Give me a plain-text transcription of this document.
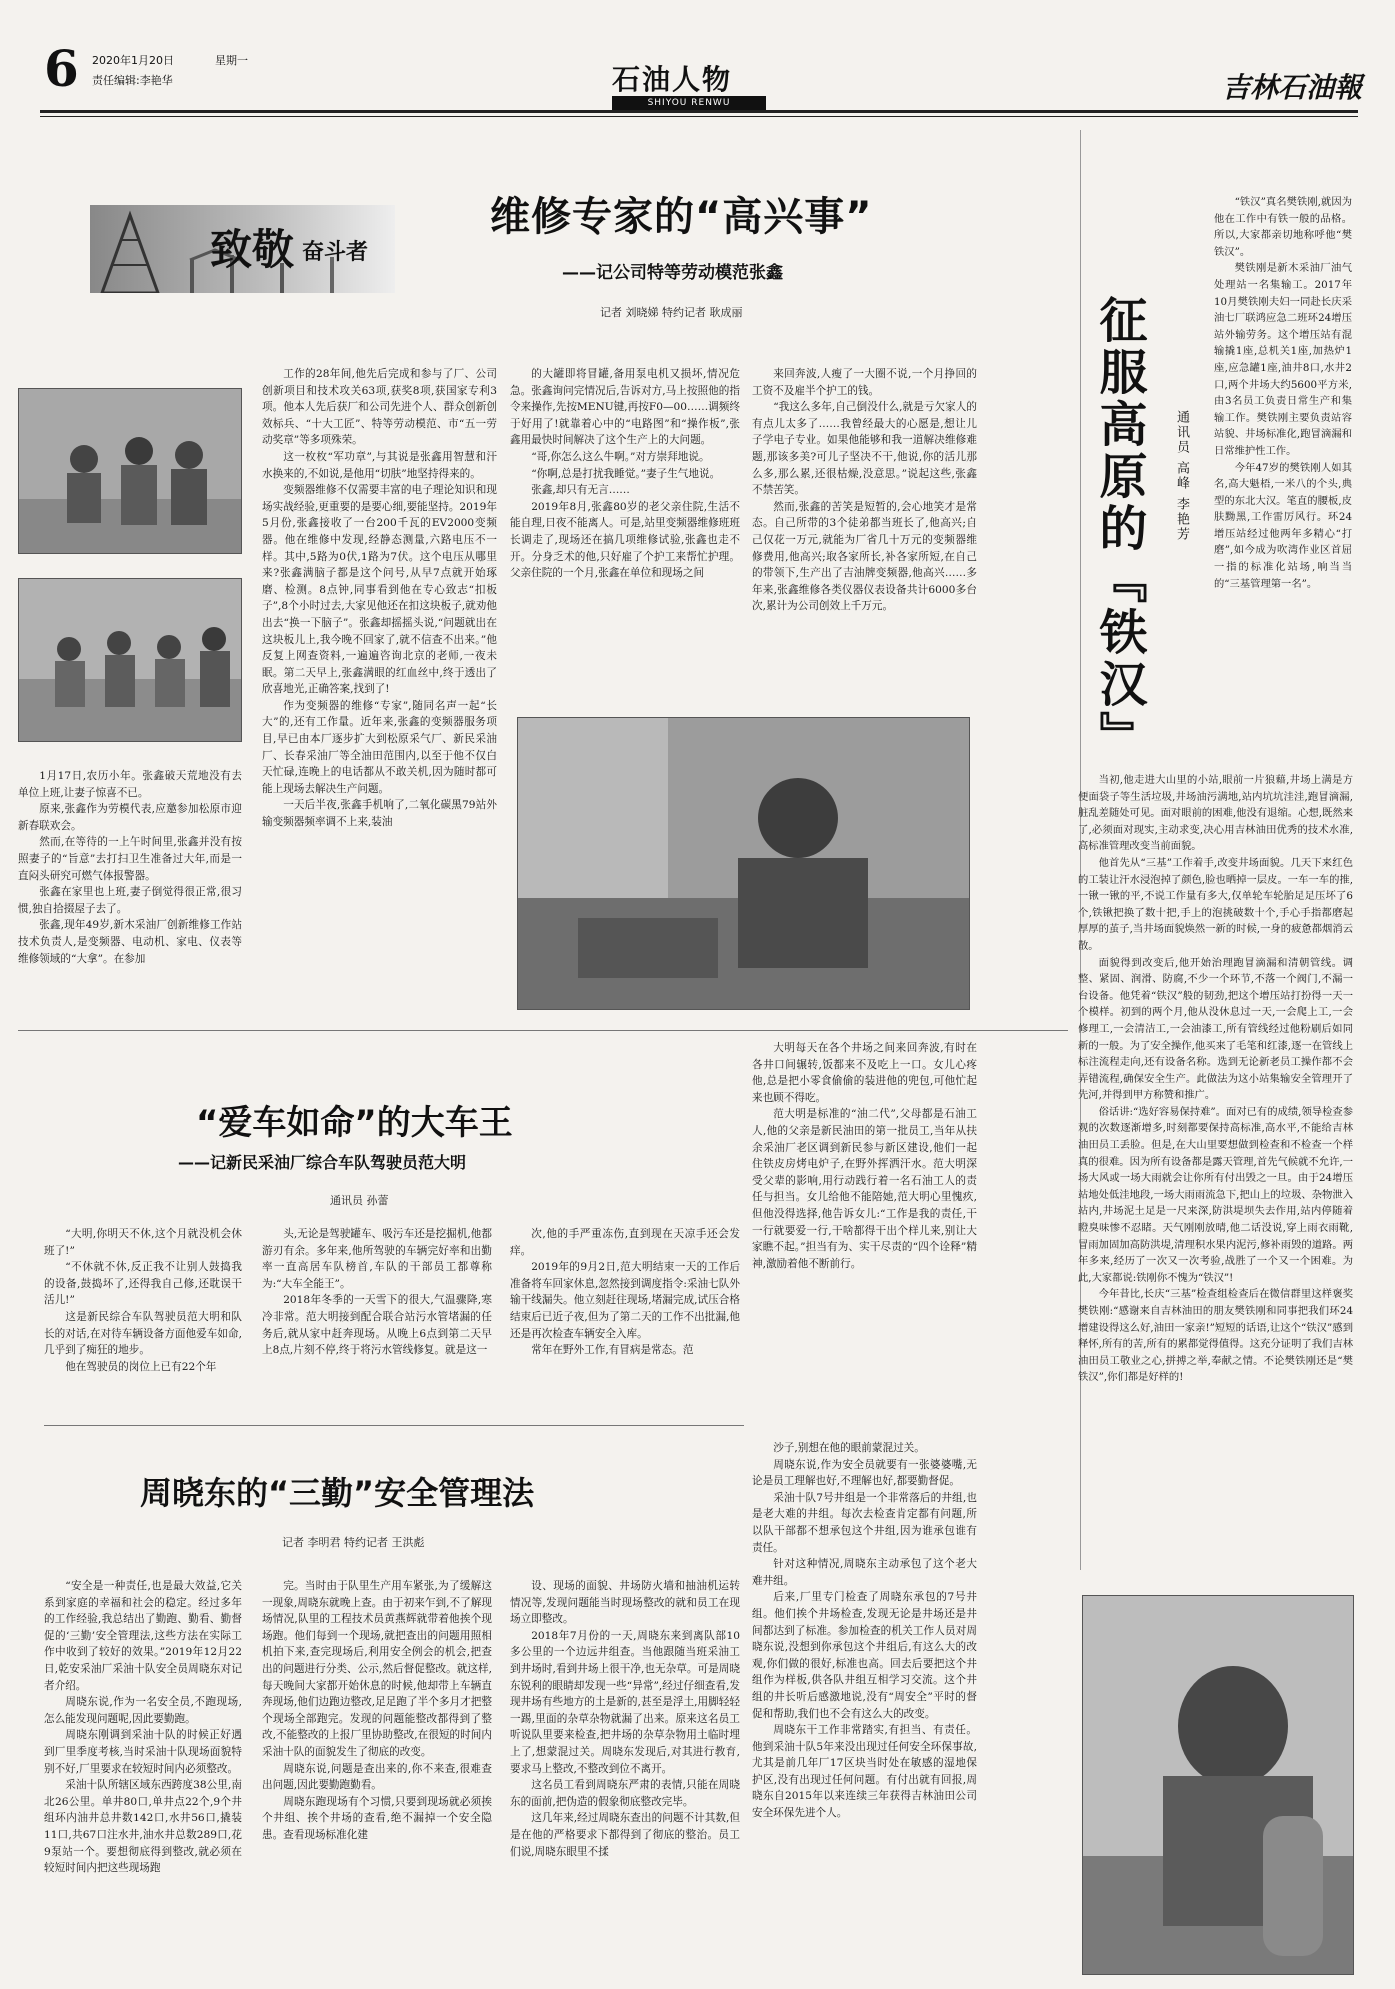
6 2020年1月20日	星期一
责任编辑:李艳华	石油人物
SHIYOU RENWU	吉林石油報
致敬 奋斗者
维修专家的“高兴事”
——记公司特等劳动模范张鑫
记者 刘晓娣 特约记者 耿成丽

1月17日,农历小年。张鑫破天荒地没有去单位上班,让妻子惊喜不已。

原来,张鑫作为劳模代表,应邀参加松原市迎新春联欢会。

然而,在等待的一上午时间里,张鑫并没有按照妻子的“旨意”去打扫卫生准备过大年,而是一直闷头研究可燃气体报警器。

张鑫在家里也上班,妻子倒觉得很正常,很习惯,独自拾掇屋子去了。

张鑫,现年49岁,新木采油厂创新维修工作站技术负责人,是变频器、电动机、家电、仪表等维修领域的“大拿”。在参加

工作的28年间,他先后完成和参与了厂、公司创新项目和技术攻关63项,获奖8项,获国家专利3项。他本人先后获厂和公司先进个人、群众创新创效标兵、“十大工匠”、特等劳动模范、市“五一劳动奖章”等多项殊荣。

这一枚枚“军功章”,与其说是张鑫用智慧和汗水换来的,不如说,是他用“切肤”地坚持得来的。

变频器维修不仅需要丰富的电子理论知识和现场实战经验,更重要的是要心细,要能坚持。2019年5月份,张鑫接收了一台200千瓦的EV2000变频器。他在维修中发现,经静态测量,六路电压不一样。其中,5路为0伏,1路为7伏。这个电压从哪里来?张鑫满脑子都是这个问号,从早7点就开始琢磨、检测。8点钟,同事看到他在专心致志“扣板子”,8个小时过去,大家见他还在扣这块板子,就劝他出去“换一下脑子”。张鑫却摇摇头说,“问题就出在这块板儿上,我今晚不回家了,就不信查不出来。”他反复上网查资料,一遍遍咨询北京的老师,一夜未眠。第二天早上,张鑫满眼的红血丝中,终于透出了欣喜地光,正确答案,找到了!

作为变频器的维修“专家”,随同名声一起“长大”的,还有工作量。近年来,张鑫的变频器服务项目,早已由本厂逐步扩大到松原采气厂、新民采油厂、长春采油厂等全油田范围内,以至于他不仅白天忙碌,连晚上的电话都从不敢关机,因为随时都可能上现场去解决生产问题。

一天后半夜,张鑫手机响了,二氧化碳黑79站外输变频器频率调不上来,装油

的大罐即将冒罐,备用泵电机又损坏,情况危急。张鑫询问完情况后,告诉对方,马上按照他的指令来操作,先按MENU键,再按F0—00……调频终于好用了!就靠着心中的“电路图”和“操作板”,张鑫用最快时间解决了这个生产上的大问题。

“哥,你怎么这么牛啊。”对方崇拜地说。

“你啊,总是打扰我睡觉。”妻子生气地说。

张鑫,却只有无言……

2019年8月,张鑫80岁的老父亲住院,生活不能自理,日夜不能离人。可是,站里变频器维修班班长调走了,现场还在搞几项维修试验,张鑫也走不开。分身乏术的他,只好雇了个护工来帮忙护理。父亲住院的一个月,张鑫在单位和现场之间

来回奔波,人瘦了一大圈不说,一个月挣回的工资不及雇半个护工的钱。

“我这么多年,自己倒没什么,就是亏欠家人的有点儿太多了……我曾经最大的心愿是,想让儿子学电子专业。如果他能够和我一道解决维修难题,那该多美?可儿子坚决不干,他说,你的活儿那么多,那么累,还很枯燥,没意思。”说起这些,张鑫不禁苦笑。

然而,张鑫的苦笑是短暂的,会心地笑才是常态。自己所带的3个徒弟都当班长了,他高兴;自己仅花一万元,就能为厂省几十万元的变频器维修费用,他高兴;取各家所长,补各家所短,在自己的带领下,生产出了吉油牌变频器,他高兴……多年来,张鑫维修各类仪器仪表设备共计6000多台次,累计为公司创效上千万元。

征服高原的『铁汉』
通讯员 高峰 李艳芳

“铁汉”真名樊铁刚,就因为他在工作中有铁一般的品格。所以,大家都亲切地称呼他“樊铁汉”。

樊铁刚是新木采油厂油气处理站一名集输工。2017年10月樊铁刚夫妇一同赴长庆采油七厂联鸿应急二班环24增压站外输劳务。这个增压站有混输撬1座,总机关1座,加热炉1座,应急罐1座,油井8口,水井2口,两个井场大约5600平方米,由3名员工负责日常生产和集输工作。樊铁刚主要负责站容站貌、井场标准化,跑冒滴漏和日常维护性工作。

今年47岁的樊铁刚人如其名,高大魁梧,一米八的个头,典型的东北大汉。笔直的腰板,皮肤黝黑,工作雷厉风行。环24增压站经过他两年多精心“打磨”,如今成为吹湾作业区首屈一指的标准化站场,响当当的“三基管理第一名”。

当初,他走进大山里的小站,眼前一片狼藉,井场上满是方便面袋子等生活垃圾,井场油污满地,站内坑坑洼洼,跑冒滴漏,脏乱差随处可见。面对眼前的困难,他没有退缩。心想,既然来了,必须面对现实,主动求变,决心用吉林油田优秀的技术水准,高标准管理改变当前面貌。

他首先从“三基”工作着手,改变井场面貌。几天下来红色的工装让汗水浸泡掉了颜色,脸也晒掉一层皮。一车一车的推,一锹一锹的平,不说工作量有多大,仅单轮车轮胎足足压坏了6个,铁锹把换了数十把,手上的泡挑破数十个,手心手指都磨起厚厚的茧子,当井场面貌焕然一新的时候,一身的疲惫都烟消云散。

面貌得到改变后,他开始治理跑冒滴漏和清朝管线。调整、紧固、润滑、防腐,不少一个环节,不落一个阀门,不漏一台设备。他凭着“铁汉”般的韧劲,把这个增压站打扮得一天一个模样。初到的两个月,他从没休息过一天,一会爬上工,一会修理工,一会清洁工,一会油漆工,所有管线经过他粉刷后如同新的一般。为了安全操作,他买来了毛笔和红漆,逐一在管线上标注流程走向,还有设备名称。选到无论新老员工操作都不会弄错流程,确保安全生产。此做法为这小站集输安全管理开了先河,并得到甲方称赞和推广。

俗话讲:“选好容易保持难”。面对已有的成绩,领导检查参观的次数逐渐增多,时刻都要保持高标准,高水平,不能给吉林油田员工丢脸。但是,在大山里要想做到检查和不检查一个样真的很难。因为所有设备都是露天管理,首先气候就不允许,一场大风或一场大雨就会让你所有付出毁之一旦。由于24增压站地处低洼地段,一场大雨雨流急下,把山上的垃圾、杂物泄入站内,井场泥土足是一尺来深,防洪堤坝失去作用,站内停随着瞪臭味惨不忍睹。天气刚刚放晴,他二话没说,穿上雨衣雨靴,冒雨加固加高防洪堤,清理积水果内泥污,修补雨毁的道路。两年多来,经历了一次又一次考验,战胜了一个又一个困难。为此,大家都说:铁刚你不愧为“铁汉”!

今年昔比,长庆“三基”检查组检查后在微信群里这样褒奖樊铁刚:“感谢来自吉林油田的朋友樊铁刚和同事把我们环24增建设得这么好,油田一家亲!”短短的话语,让这个“铁汉”感到释怀,所有的苦,所有的累都觉得值得。这充分证明了我们吉林油田员工敬业之心,拼搏之举,奉献之情。不论樊铁刚还是“樊铁汉”,你们都是好样的!

“爱车如命”的大车王
——记新民采油厂综合车队驾驶员范大明
通讯员 孙蕾

“大明,你明天不休,这个月就没机会休班了!”

“不休就不休,反正我不让别人鼓捣我的设备,鼓捣坏了,还得我自己修,还耽误干活儿!”

这是新民综合车队驾驶员范大明和队长的对话,在对待车辆设备方面他爱车如命,几乎到了痴狂的地步。

他在驾驶员的岗位上已有22个年

头,无论是驾驶罐车、吸污车还是挖掘机,他都游刃有余。多年来,他所驾驶的车辆完好率和出勤率一直高居车队榜首,车队的干部员工都尊称为:“大车全能王”。

2018年冬季的一天雪下的很大,气温骤降,寒冷非常。范大明接到配合联合站污水管堵漏的任务后,就从家中赶奔现场。从晚上6点到第二天早上8点,片刻不停,终于将污水管线修复。就是这一

次,他的手严重冻伤,直到现在天凉手还会发痒。

2019年的9月2日,范大明结束一天的工作后准备将车回家休息,忽然接到调度指令:采油七队外输干线漏失。他立刻赶往现场,堵漏完成,试压合格结束后已近子夜,但为了第二天的工作不出批漏,他还是再次检查车辆安全入库。

常年在野外工作,有冒病是常态。范

大明每天在各个井场之间来回奔波,有时在各井口间辗转,饭都来不及吃上一口。女儿心疼他,总是把小零食偷偷的装进他的兜包,可他忙起来也顾不得吃。

范大明是标准的“油二代”,父母都是石油工人,他的父亲是新民油田的第一批员工,当年从扶余采油厂老区调到新民参与新区建设,他们一起住铁皮房烤电炉子,在野外挥洒汗水。范大明深受父辈的影响,用行动践行着一名石油工人的责任与担当。女儿给他不能陪她,范大明心里愧疚,但他没得选择,他告诉女儿:“工作是我的责任,干一行就要爱一行,干啥都得干出个样儿来,别让大家瞧不起。”担当有为、实干尽责的“四个诠释”精神,激励着他不断前行。

周晓东的“三勤”安全管理法
记者 李明君 特约记者 王洪彪

“安全是一种责任,也是最大效益,它关系到家庭的幸福和社会的稳定。经过多年的工作经验,我总结出了勤跑、勤看、勤督促的‘三勤’安全管理法,这些方法在实际工作中收到了较好的效果。”2019年12月22日,乾安采油厂采油十队安全员周晓东对记者介绍。

周晓东说,作为一名安全员,不跑现场,怎么能发现问题呢,因此要勤跑。

周晓东刚调到采油十队的时候正好遇到厂里季度考核,当时采油十队现场面貌特别不好,厂里要求在较短时间内必须整改。

采油十队所辖区域东西跨度38公里,南北26公里。单井80口,单井点22个,9个井组环内油井总井数142口,水井56口,撬装11口,共67口注水井,油水井总数289口,花9泵站一个。要想彻底得到整改,就必须在较短时间内把这些现场跑

完。当时由于队里生产用车紧张,为了缓解这一现象,周晓东就晚上查。由于初来乍到,不了解现场情况,队里的工程技术员黄燕辉就带着他挨个现场跑。他们每到一个现场,就把查出的问题用照相机拍下来,查完现场后,利用安全例会的机会,把查出的问题进行分类、公示,然后督促整改。就这样,每天晚间大家都开始休息的时候,他却带上车辆直奔现场,他们边跑边整改,足足跑了半个多月才把整个现场全部跑完。发现的问题能整改都得到了整改,不能整改的上报厂里协助整改,在很短的时间内采油十队的面貌发生了彻底的改变。

周晓东说,问题是查出来的,你不来查,很难查出问题,因此要勤跑勤看。

周晓东跑现场有个习惯,只要到现场就必须挨个井组、挨个井场的查看,绝不漏掉一个安全隐患。查看现场标准化建

设、现场的面貌、井场防火墙和抽油机运转情况等,发现问题能当时现场整改的就和员工在现场立即整改。

2018年7月份的一天,周晓东来到离队部10多公里的一个边远井组查。当他跟随当班采油工到井场时,看到井场上很干净,也无杂草。可是周晓东锐利的眼睛却发现一些“异常”,经过仔细查看,发现井场有些地方的土是新的,甚至是浮土,用脚轻轻一踢,里面的杂草杂物就漏了出来。原来这名员工听说队里要来检查,把井场的杂草杂物用土临时埋上了,想蒙混过关。周晓东发现后,对其进行教育,要求马上整改,不整改到位不离开。

这名员工看到周晓东严肃的表情,只能在周晓东的面前,把伪造的假象彻底整改完毕。

这几年来,经过周晓东查出的问题不计其数,但是在他的严格要求下都得到了彻底的整治。员工们说,周晓东眼里不揉

沙子,别想在他的眼前蒙混过关。

周晓东说,作为安全员就要有一张婆婆嘴,无论是员工理解也好,不理解也好,都要勤督促。

采油十队7号井组是一个非常落后的井组,也是老大难的井组。每次去检查肯定都有问题,所以队干部都不想承包这个井组,因为谁承包谁有责任。

针对这种情况,周晓东主动承包了这个老大难井组。

后来,厂里专门检查了周晓东承包的7号井组。他们挨个井场检查,发现无论是井场还是井间都达到了标准。参加检查的机关工作人员对周晓东说,没想到你承包这个井组后,有这么大的改观,你们做的很好,标准也高。回去后要把这个井组作为样板,供各队井组互相学习交流。这个井组的井长听后感激地说,没有“周安全”平时的督促和帮助,我们也不会有这么大的改变。

周晓东干工作非常踏实,有担当、有责任。他到采油十队5年来没出现过任何安全环保事故,尤其是前几年厂17区块当时处在敏感的湿地保护区,没有出现过任何问题。有付出就有回报,周晓东自2015年以来连续三年获得吉林油田公司安全环保先进个人。
